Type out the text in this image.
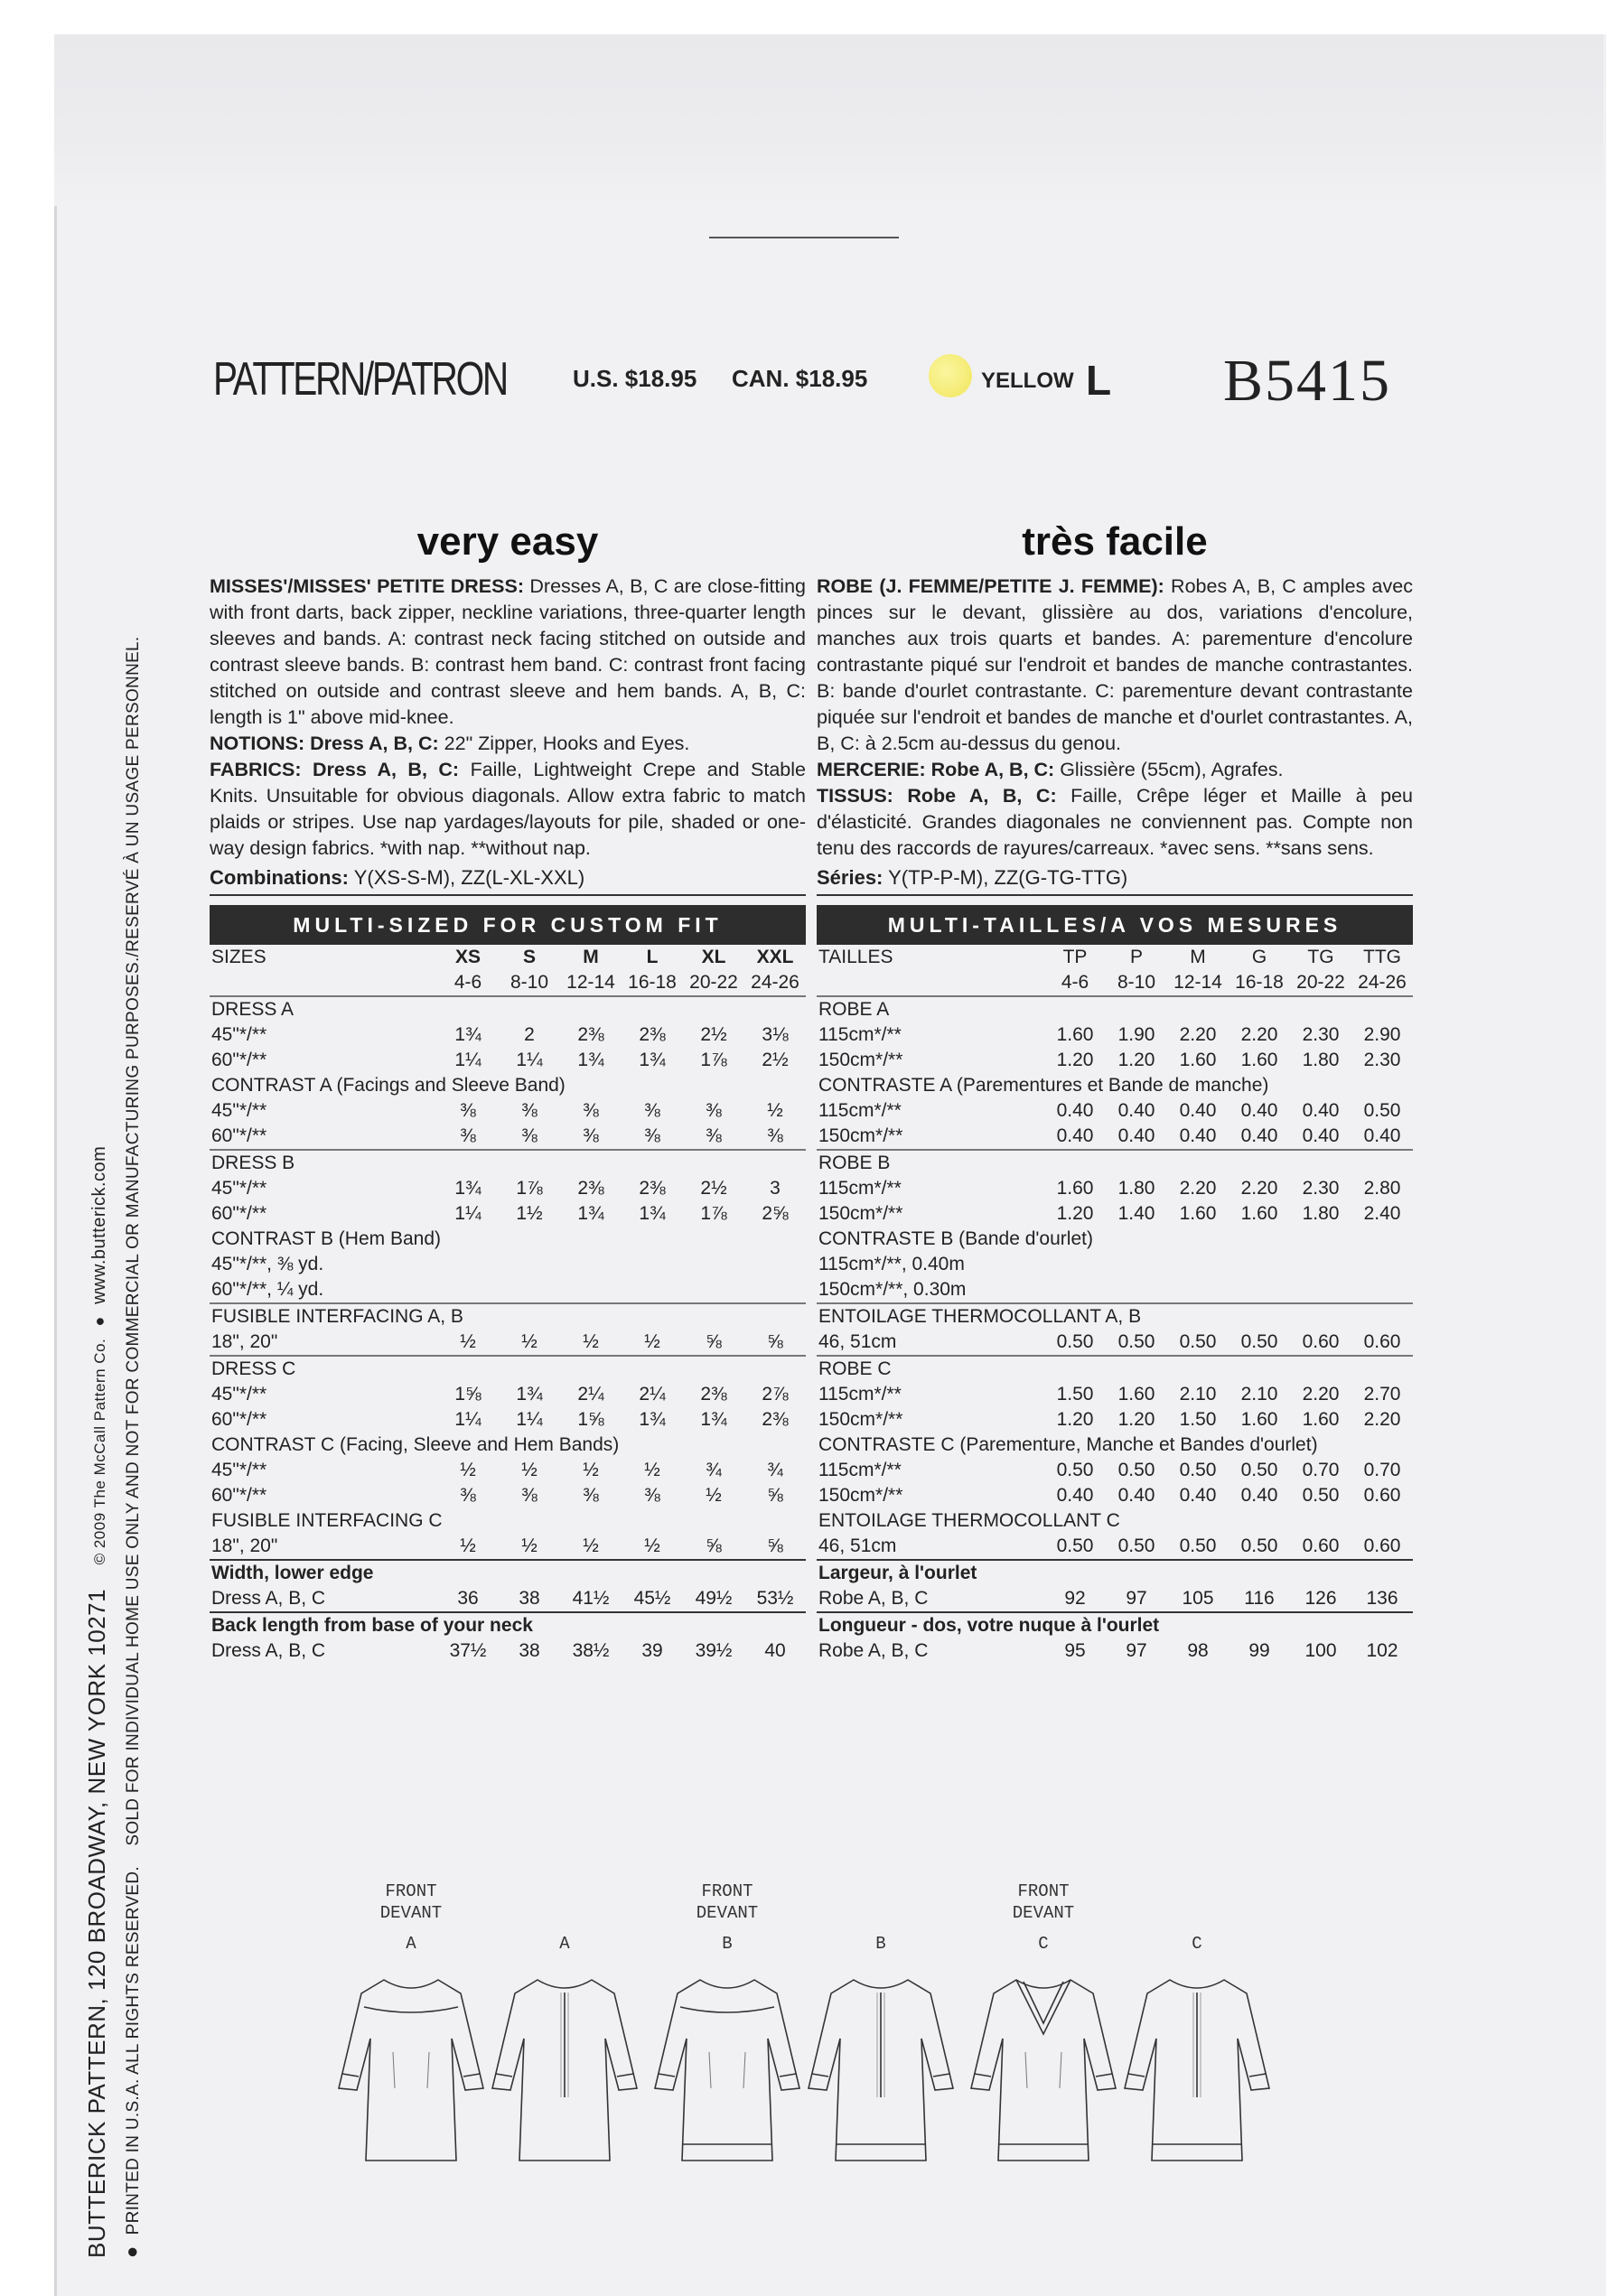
PATTERN/PATRON	U.S. $18.95 CAN. $18.95	YELLOW L B5415
BUTTERICK PATTERN, 120 BROADWAY, NEW YORK 10271    © 2009 The McCall Pattern Co.  ●  www.butterick.com
●  PRINTED IN U.S.A. ALL RIGHTS RESERVED.    SOLD FOR INDIVIDUAL HOME USE ONLY AND NOT FOR COMMERCIAL OR MANUFACTURING PURPOSES./RESERVÉ À UN USAGE PERSONNEL.
very easy

MISSES'/MISSES' PETITE DRESS: Dresses A, B, C are close-fitting with front darts, back zipper, neckline variations, three-quarter length sleeves and bands. A: contrast neck facing stitched on outside and contrast sleeve bands. B: contrast hem band. C: contrast front facing stitched on outside and contrast sleeve and hem bands. A, B, C: length is 1" above mid-knee.

NOTIONS: Dress A, B, C: 22" Zipper, Hooks and Eyes.

FABRICS: Dress A, B, C: Faille, Lightweight Crepe and Stable Knits. Unsuitable for obvious diagonals. Allow extra fabric to match plaids or stripes. Use nap yardages/layouts for pile, shaded or one-way design fabrics. *with nap. **without nap.

Combinations: Y(XS-S-M), ZZ(L-XL-XXL)
MULTI-SIZED FOR CUSTOM FIT
SIZES	XS	S	M	L	XL	XXL
	4-6	8-10	12-14	16-18	20-22	24-26
DRESS A						
45"*/**	1¾	2	2⅜	2⅜	2½	3⅛
60"*/**	1¼	1¼	1¾	1¾	1⅞	2½
CONTRAST A (Facings and Sleeve Band)						
45"*/**	⅜	⅜	⅜	⅜	⅜	½
60"*/**	⅜	⅜	⅜	⅜	⅜	⅜
DRESS B						
45"*/**	1¾	1⅞	2⅜	2⅜	2½	3
60"*/**	1¼	1½	1¾	1¾	1⅞	2⅝
CONTRAST B (Hem Band)						
45"*/**, ⅜ yd.						
60"*/**, ¼ yd.						
FUSIBLE INTERFACING A, B						
18", 20"	½	½	½	½	⅝	⅝
DRESS C						
45"*/**	1⅝	1¾	2¼	2¼	2⅜	2⅞
60"*/**	1¼	1¼	1⅝	1¾	1¾	2⅜
CONTRAST C (Facing, Sleeve and Hem Bands)						
45"*/**	½	½	½	½	¾	¾
60"*/**	⅜	⅜	⅜	⅜	½	⅝
FUSIBLE INTERFACING C						
18", 20"	½	½	½	½	⅝	⅝
Width, lower edge						
Dress A, B, C	36	38	41½	45½	49½	53½
Back length from base of your neck						
Dress A, B, C	37½	38	38½	39	39½	40
très facile

ROBE (J. FEMME/PETITE J. FEMME): Robes A, B, C amples avec pinces sur le devant, glissière au dos, variations d'encolure, manches aux trois quarts et bandes. A: parementure d'encolure contrastante piqué sur l'endroit et bandes de manche contrastantes. B: bande d'ourlet contrastante. C: parementure devant contrastante piquée sur l'endroit et bandes de manche et d'ourlet contrastantes. A, B, C: à 2.5cm au-dessus du genou.

MERCERIE: Robe A, B, C: Glissière (55cm), Agrafes.

TISSUS: Robe A, B, C: Faille, Crêpe léger et Maille à peu d'élasticité. Grandes diagonales ne conviennent pas. Compte non tenu des raccords de rayures/carreaux. *avec sens. **sans sens.

Séries: Y(TP-P-M), ZZ(G-TG-TTG)
MULTI-TAILLES/A VOS MESURES
TAILLES	TP	P	M	G	TG	TTG
	4-6	8-10	12-14	16-18	20-22	24-26
ROBE A						
115cm*/**	1.60	1.90	2.20	2.20	2.30	2.90
150cm*/**	1.20	1.20	1.60	1.60	1.80	2.30
CONTRASTE A (Parementures et Bande de manche)						
115cm*/**	0.40	0.40	0.40	0.40	0.40	0.50
150cm*/**	0.40	0.40	0.40	0.40	0.40	0.40
ROBE B						
115cm*/**	1.60	1.80	2.20	2.20	2.30	2.80
150cm*/**	1.20	1.40	1.60	1.60	1.80	2.40
CONTRASTE B (Bande d'ourlet)						
115cm*/**, 0.40m						
150cm*/**, 0.30m						
ENTOILAGE THERMOCOLLANT A, B						
46, 51cm	0.50	0.50	0.50	0.50	0.60	0.60
ROBE C						
115cm*/**	1.50	1.60	2.10	2.10	2.20	2.70
150cm*/**	1.20	1.20	1.50	1.60	1.60	2.20
CONTRASTE C (Parementure, Manche et Bandes d'ourlet)						
115cm*/**	0.50	0.50	0.50	0.50	0.70	0.70
150cm*/**	0.40	0.40	0.40	0.40	0.50	0.60
ENTOILAGE THERMOCOLLANT C						
46, 51cm	0.50	0.50	0.50	0.50	0.60	0.60
Largeur, à l'ourlet						
Robe A, B, C	92	97	105	116	126	136
Longueur - dos, votre nuque à l'ourlet						
Robe A, B, C	95	97	98	99	100	102
FRONT
DEVANT
A

	A
FRONT
DEVANT
B

	B
FRONT
DEVANT
C

	C
